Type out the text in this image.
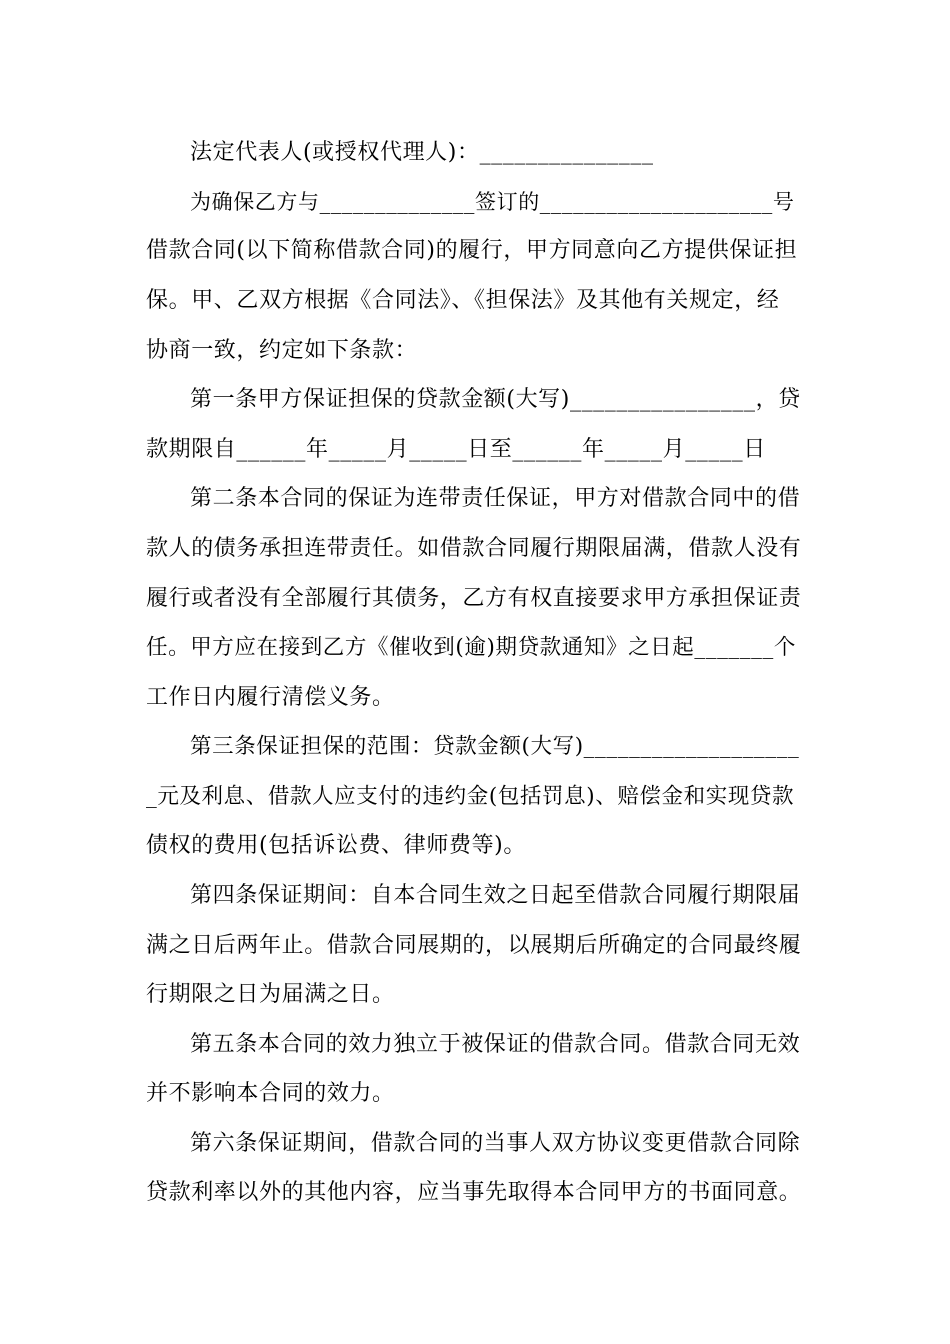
法定代表人(或授权代理人)：_______________
为确保乙方与______________签订的_____________________号
借款合同(以下简称借款合同)的履行，甲方同意向乙方提供保证担
保。甲、乙双方根据《合同法》、《担保法》及其他有关规定，经
协商一致，约定如下条款：
第一条甲方保证担保的贷款金额(大写)________________，贷
款期限自______年_____月_____日至______年_____月_____日
第二条本合同的保证为连带责任保证，甲方对借款合同中的借
款人的债务承担连带责任。如借款合同履行期限届满，借款人没有
履行或者没有全部履行其债务，乙方有权直接要求甲方承担保证责
任。甲方应在接到乙方《催收到(逾)期贷款通知》之日起_______个
工作日内履行清偿义务。
第三条保证担保的范围：贷款金额(大写)___________________
_元及利息、借款人应支付的违约金(包括罚息)、赔偿金和实现贷款
债权的费用(包括诉讼费、律师费等)。
第四条保证期间：自本合同生效之日起至借款合同履行期限届
满之日后两年止。借款合同展期的，以展期后所确定的合同最终履
行期限之日为届满之日。
第五条本合同的效力独立于被保证的借款合同。借款合同无效
并不影响本合同的效力。
第六条保证期间，借款合同的当事人双方协议变更借款合同除
贷款利率以外的其他内容，应当事先取得本合同甲方的书面同意。
